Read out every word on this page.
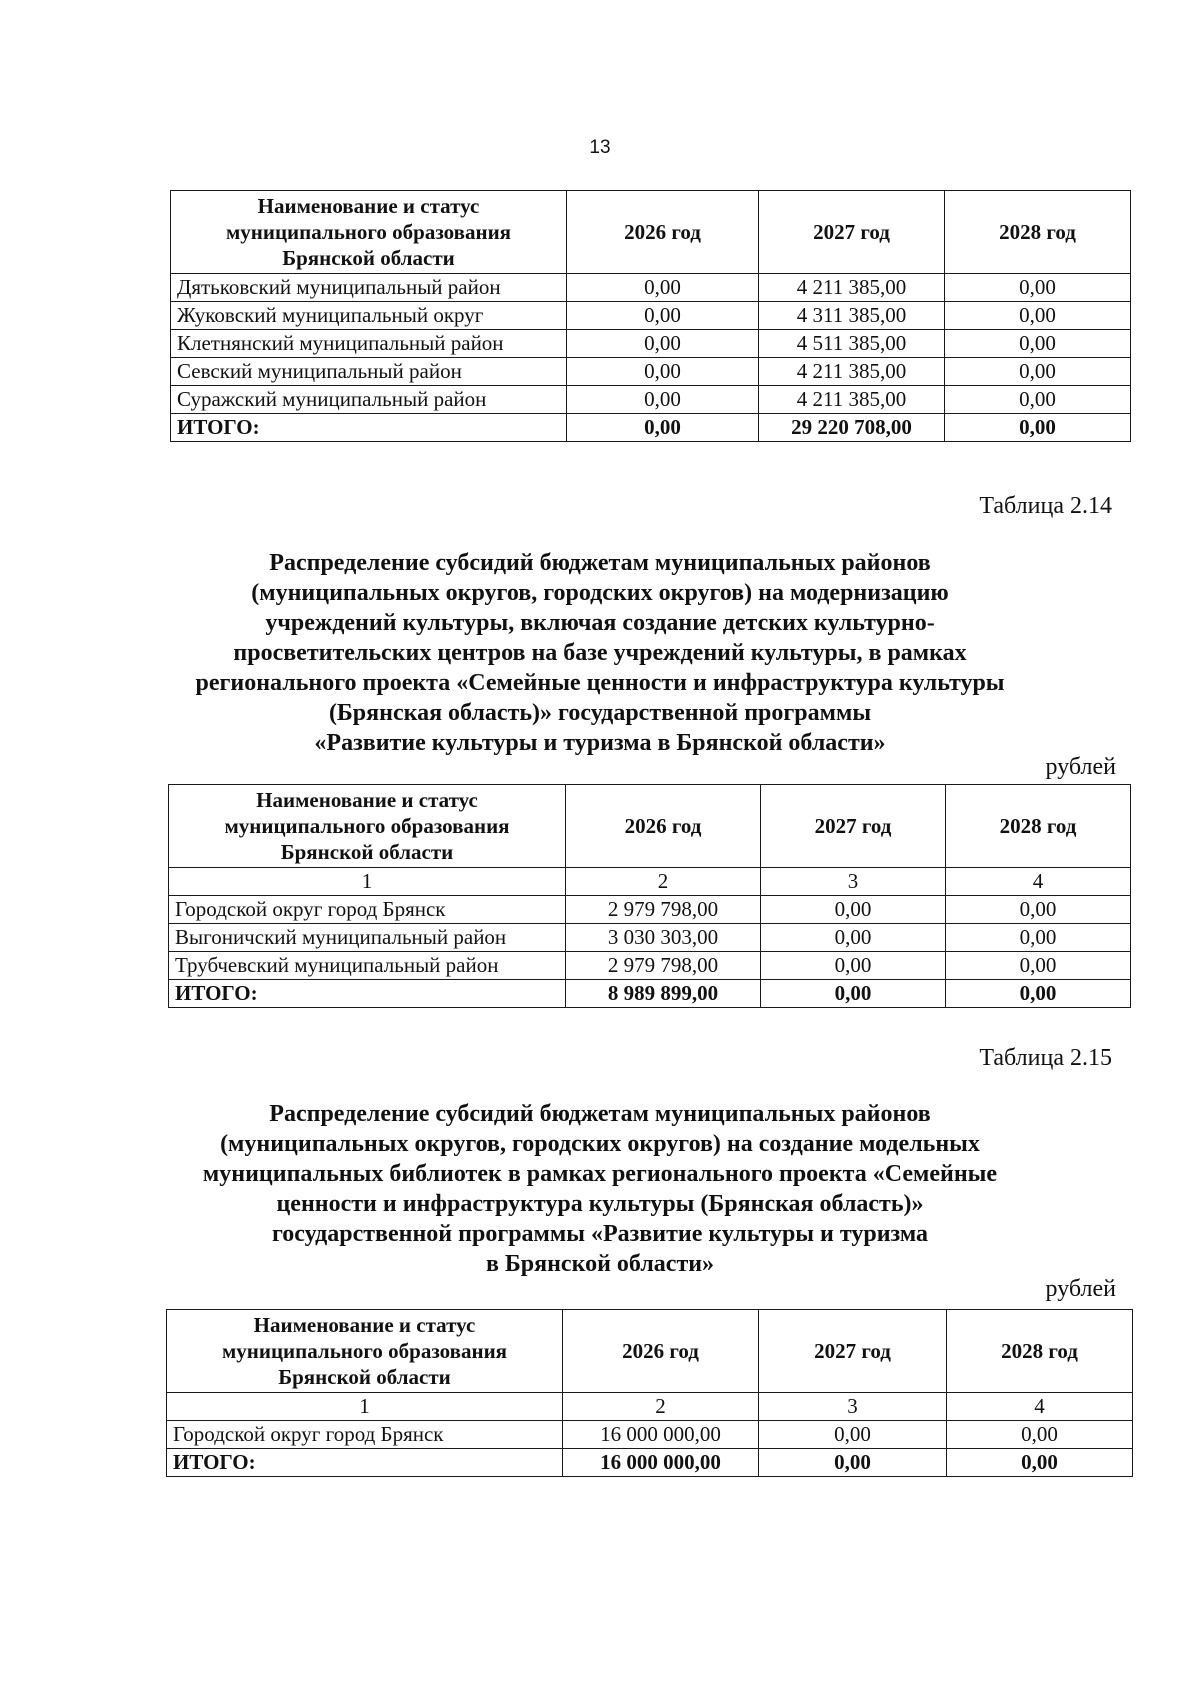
13
Наименование и статус
муниципального образования
Брянской области	2026 год	2027 год	2028 год
Дятьковский муниципальный район	0,00	4 211 385,00	0,00
Жуковский муниципальный округ	0,00	4 311 385,00	0,00
Клетнянский муниципальный район	0,00	4 511 385,00	0,00
Севский муниципальный район	0,00	4 211 385,00	0,00
Суражский муниципальный район	0,00	4 211 385,00	0,00
ИТОГО:	0,00	29 220 708,00	0,00
Таблица 2.14
Распределение субсидий бюджетам муниципальных районов
(муниципальных округов, городских округов) на модернизацию
учреждений культуры, включая создание детских культурно-
просветительских центров на базе учреждений культуры, в рамках
регионального проекта «Семейные ценности и инфраструктура культуры
(Брянская область)» государственной программы
«Развитие культуры и туризма в Брянской области»
рублей
Наименование и статус
муниципального образования
Брянской области	2026 год	2027 год	2028 год
1	2	3	4
Городской округ город Брянск	2 979 798,00	0,00	0,00
Выгоничский муниципальный район	3 030 303,00	0,00	0,00
Трубчевский муниципальный район	2 979 798,00	0,00	0,00
ИТОГО:	8 989 899,00	0,00	0,00
Таблица 2.15
Распределение субсидий бюджетам муниципальных районов
(муниципальных округов, городских округов) на создание модельных
муниципальных библиотек в рамках регионального проекта «Семейные
ценности и инфраструктура культуры (Брянская область)»
государственной программы «Развитие культуры и туризма
в Брянской области»
рублей
Наименование и статус
муниципального образования
Брянской области	2026 год	2027 год	2028 год
1	2	3	4
Городской округ город Брянск	16 000 000,00	0,00	0,00
ИТОГО:	16 000 000,00	0,00	0,00
